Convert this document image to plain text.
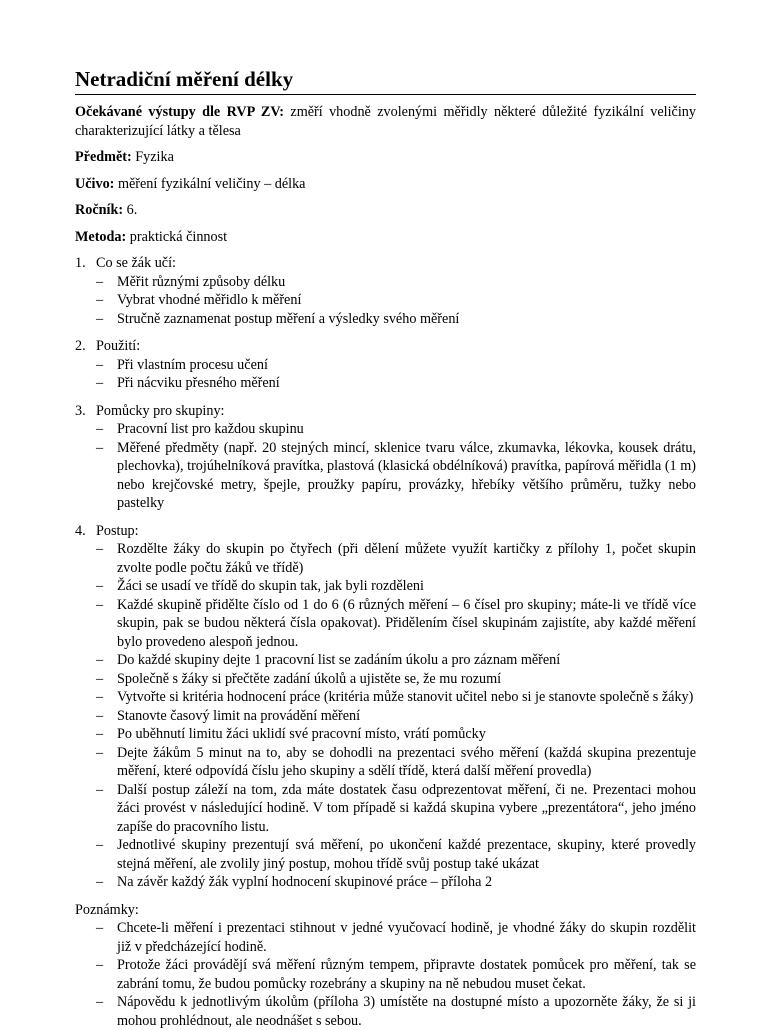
Netradiční měření délky

Očekávané výstupy dle RVP ZV: změří vhodně zvolenými měřidly některé důležité fyzikální veličiny charakterizující látky a tělesa

Předmět: Fyzika

Učivo: měření fyzikální veličiny – délka

Ročník: 6.

Metoda: praktická činnost

1. Co se žák učí:
– Měřit různými způsoby délku
– Vybrat vhodné měřidlo k měření
– Stručně zaznamenat postup měření a výsledky svého měření
2. Použití:
– Při vlastním procesu učení
– Při nácviku přesného měření
3. Pomůcky pro skupiny:
– Pracovní list pro každou skupinu
– Měřené předměty (např. 20 stejných mincí, sklenice tvaru válce, zkumavka, lékovka, kousek drátu, plechovka), trojúhelníková pravítka, plastová (klasická obdélníková) pravítka, papírová měřidla (1 m) nebo krejčovské metry, špejle, proužky papíru, provázky, hřebíky většího průměru, tužky nebo pastelky
4. Postup:
– Rozdělte žáky do skupin po čtyřech (při dělení můžete využít kartičky z přílohy 1, počet skupin zvolte podle počtu žáků ve třídě)
– Žáci se usadí ve třídě do skupin tak, jak byli rozděleni
– Každé skupině přidělte číslo od 1 do 6 (6 různých měření – 6 čísel pro skupiny; máte-li ve třídě více skupin, pak se budou některá čísla opakovat). Přidělením čísel skupinám zajistíte, aby každé měření bylo provedeno alespoň jednou.
– Do každé skupiny dejte 1 pracovní list se zadáním úkolu a pro záznam měření
– Společně s žáky si přečtěte zadání úkolů a ujistěte se, že mu rozumí
– Vytvořte si kritéria hodnocení práce (kritéria může stanovit učitel nebo si je stanovte společně s žáky)
– Stanovte časový limit na provádění měření
– Po uběhnutí limitu žáci uklidí své pracovní místo, vrátí pomůcky
– Dejte žákům 5 minut na to, aby se dohodli na prezentaci svého měření (každá skupina prezentuje měření, které odpovídá číslu jeho skupiny a sdělí třídě, která další měření provedla)
– Další postup záleží na tom, zda máte dostatek času odprezentovat měření, či ne. Prezentaci mohou žáci provést v následující hodině. V tom případě si každá skupina vybere „prezentátora“, jeho jméno zapíše do pracovního listu.
– Jednotlivé skupiny prezentují svá měření, po ukončení každé prezentace, skupiny, které provedly stejná měření, ale zvolily jiný postup, mohou třídě svůj postup také ukázat
– Na závěr každý žák vyplní hodnocení skupinové práce – příloha 2
Poznámky:
– Chcete-li měření i prezentaci stihnout v jedné vyučovací hodině, je vhodné žáky do skupin rozdělit již v předcházející hodině.
– Protože žáci provádějí svá měření různým tempem, připravte dostatek pomůcek pro měření, tak se zabrání tomu, že budou pomůcky rozebrány a skupiny na ně nebudou muset čekat.
– Nápovědu k jednotlivým úkolům (příloha 3) umístěte na dostupné místo a upozorněte žáky, že si ji mohou prohlédnout, ale neodnášet s sebou.
